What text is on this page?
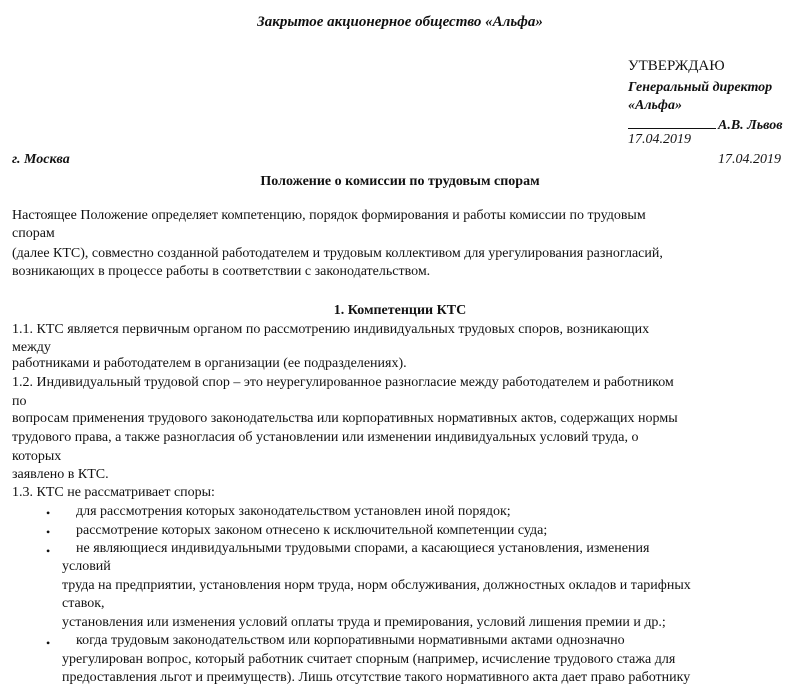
Закрытое акционерное общество «Альфа»
УТВЕРЖДАЮ
Генеральный директор
«Альфа»
А.В. Львов
17.04.2019
г. Москва	17.04.2019
Положение о комиссии по трудовым спорам
Настоящее Положение определяет компетенцию, порядок формирования и работы комиссии по трудовым
спорам
(далее КТС), совместно созданной работодателем и трудовым коллективом для урегулирования разногласий,
возникающих в процессе работы в соответствии с законодательством.
1. Компетенции КТС
1.1. КТС является первичным органом по рассмотрению индивидуальных трудовых споров, возникающих
между
работниками и работодателем в организации (ее подразделениях).
1.2. Индивидуальный трудовой спор – это неурегулированное разногласие между работодателем и работником
по
вопросам применения трудового законодательства или корпоративных нормативных актов, содержащих нормы
трудового права, а также разногласия об установлении или изменении индивидуальных условий труда, о
которых
заявлено в КТС.
1.3. КТС не рассматривает споры:
• для рассмотрения которых законодательством установлен иной порядок;
• рассмотрение которых законом отнесено к исключительной компетенции суда;
• не являющиеся индивидуальными трудовыми спорами, а касающиеся установления, изменения
условий
труда на предприятии, установления норм труда, норм обслуживания, должностных окладов и тарифных
ставок,
установления или изменения условий оплаты труда и премирования, условий лишения премии и др.;
• когда трудовым законодательством или корпоративными нормативными актами однозначно
урегулирован вопрос, который работник считает спорным (например, исчисление трудового стажа для
предоставления льгот и преимуществ). Лишь отсутствие такого нормативного акта дает право работнику
